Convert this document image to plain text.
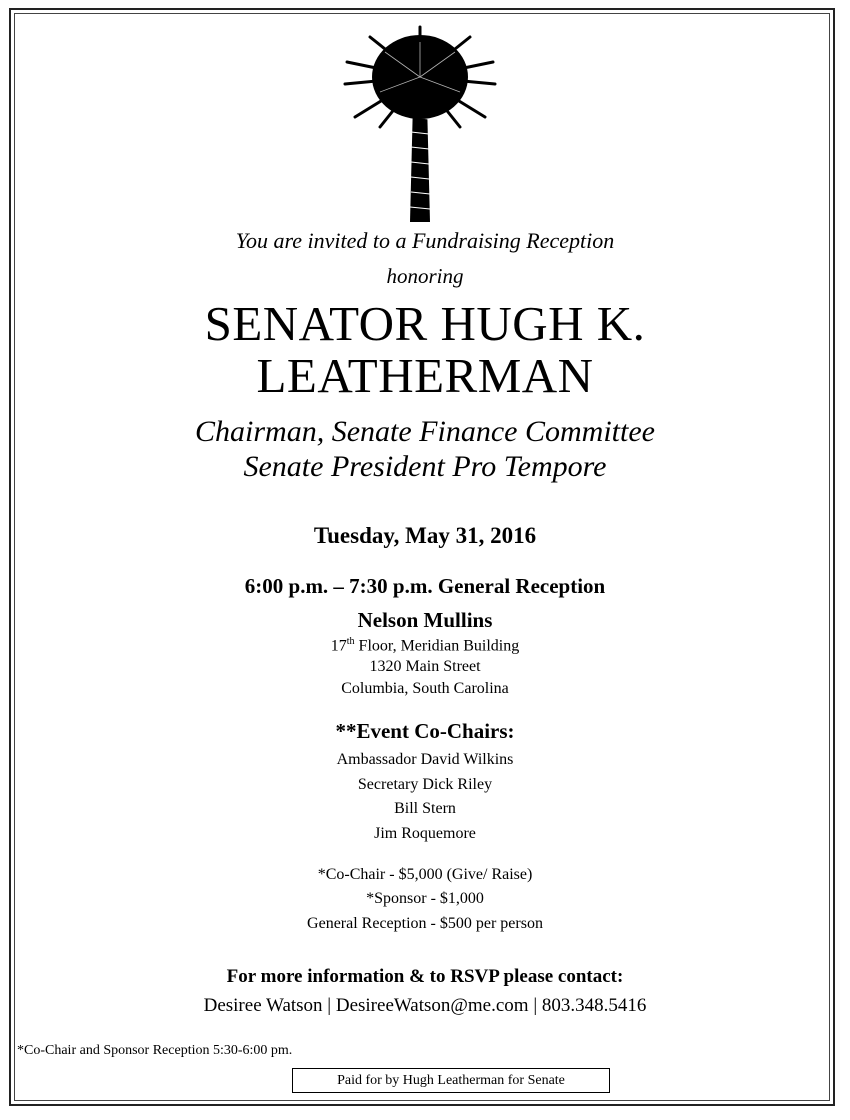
You are invited to a Fundraising Reception
honoring
SENATOR HUGH K.
LEATHERMAN
Chairman, Senate Finance Committee
Senate President Pro Tempore
Tuesday, May 31, 2016
6:00 p.m. – 7:30 p.m. General Reception
Nelson Mullins
17th Floor, Meridian Building
1320 Main Street
Columbia, South Carolina
**Event Co-Chairs:
Ambassador David Wilkins
Secretary Dick Riley
Bill Stern
Jim Roquemore
*Co-Chair - $5,000 (Give/ Raise)
*Sponsor - $1,000
General Reception - $500 per person
For more information & to RSVP please contact:
Desiree Watson | DesireeWatson@me.com | 803.348.5416
*Co-Chair and Sponsor Reception 5:30-6:00 pm.
Paid for by Hugh Leatherman for Senate
